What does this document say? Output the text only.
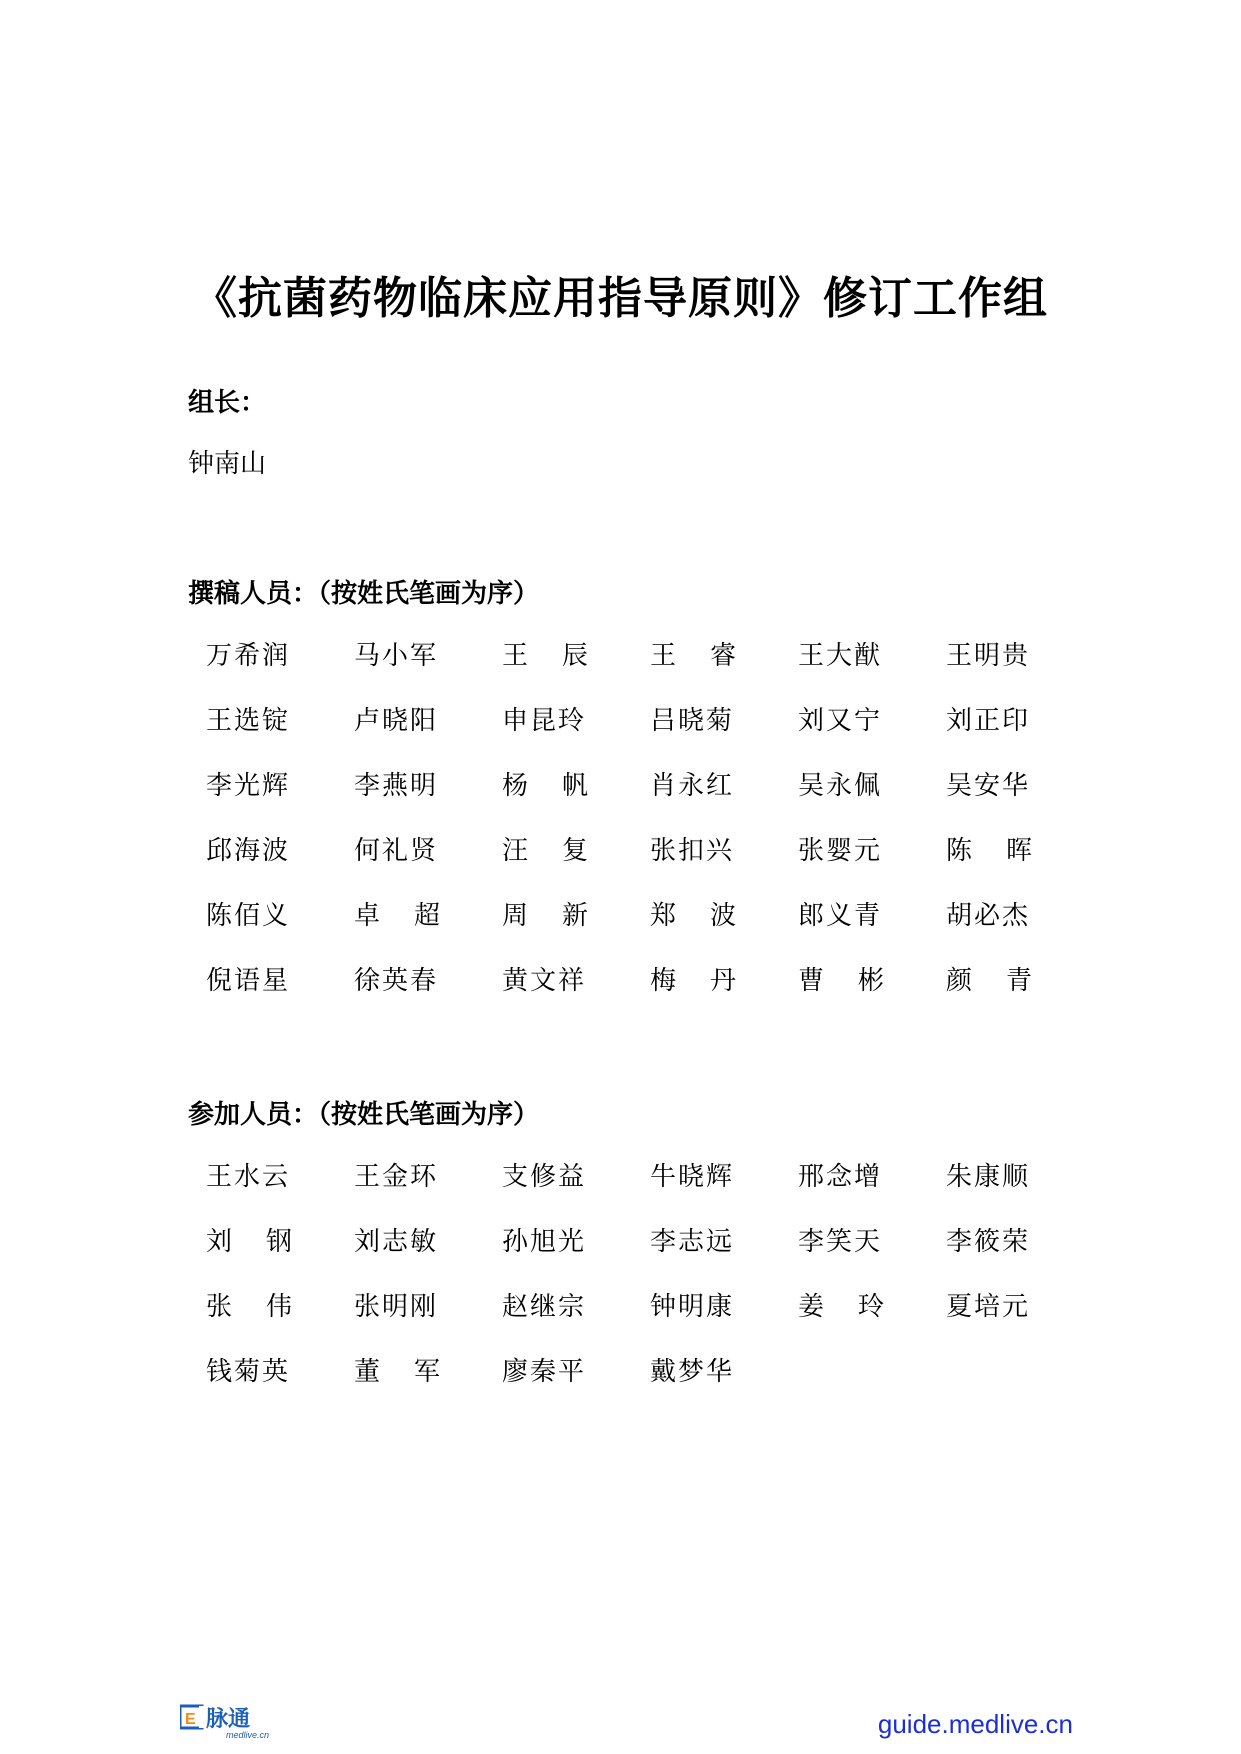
《抗菌药物临床应用指导原则》修订工作组
组长：
钟南山
撰稿人员：（按姓氏笔画为序）
万希润 马小军 王 辰 王 睿 王大猷 王明贵
王选锭 卢晓阳 申昆玲 吕晓菊 刘又宁 刘正印
李光辉 李燕明 杨 帆 肖永红 吴永佩 吴安华
邱海波 何礼贤 汪 复 张扣兴 张婴元 陈 晖
陈佰义 卓 超 周 新 郑 波 郎义青 胡必杰
倪语星 徐英春 黄文祥 梅 丹 曹 彬 颜 青
参加人员：（按姓氏笔画为序）
王水云 王金环 支修益 牛晓辉 邢念增 朱康顺
刘 钢 刘志敏 孙旭光 李志远 李笑天 李筱荣
张 伟 张明刚 赵继宗 钟明康 姜 玲 夏培元
钱菊英 董 军 廖秦平 戴梦华
E 脉通
medlive.cn	guide.medlive.cn
